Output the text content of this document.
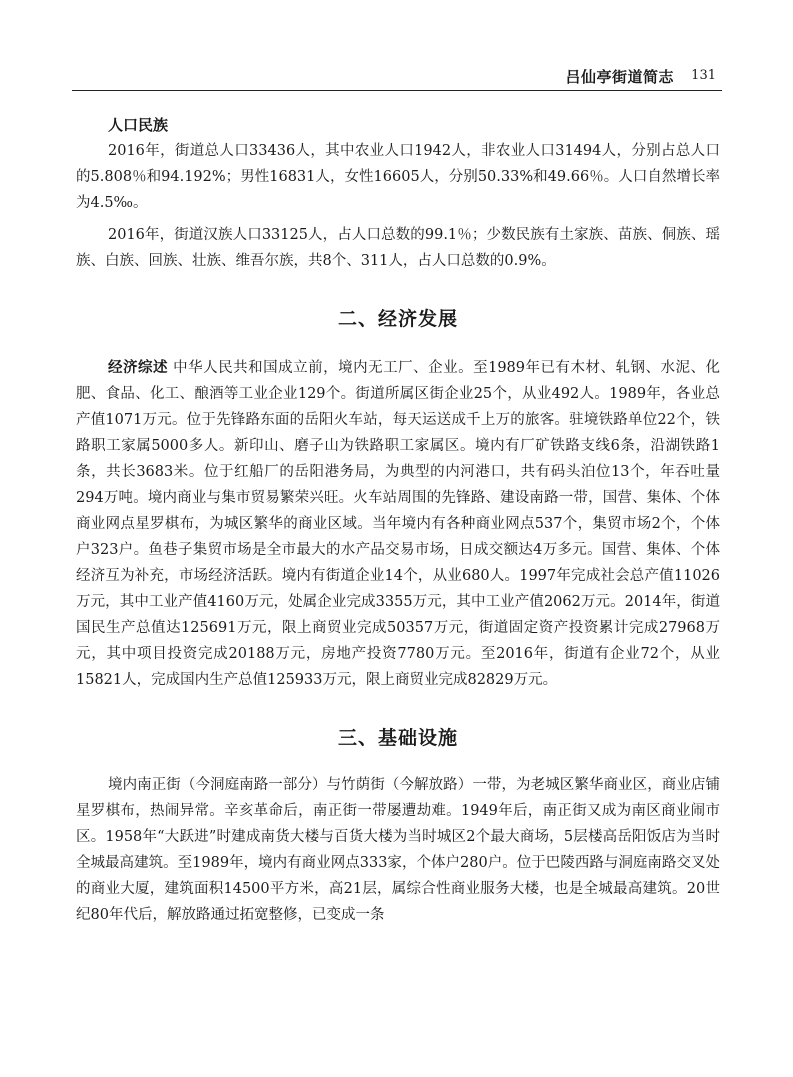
吕仙亭街道简志 131

人口民族

2016年，街道总人口33436人，其中农业人口1942人，非农业人口31494人，分别占总人口的5.808％和94.192%；男性16831人，女性16605人，分别50.33%和49.66％。人口自然增长率为4.5‰。

2016年，街道汉族人口33125人，占人口总数的99.1％；少数民族有土家族、苗族、侗族、瑶族、白族、回族、壮族、维吾尔族，共8个、311人，占人口总数的0.9%。

二、经济发展

经济综述 中华人民共和国成立前，境内无工厂、企业。至1989年已有木材、轧钢、水泥、化肥、食品、化工、酿酒等工业企业129个。街道所属区街企业25个，从业492人。1989年，各业总产值1071万元。位于先锋路东面的岳阳火车站，每天运送成千上万的旅客。驻境铁路单位22个，铁路职工家属5000多人。新印山、磨子山为铁路职工家属区。境内有厂矿铁路支线6条，沿湖铁路1条，共长3683米。位于红船厂的岳阳港务局，为典型的内河港口，共有码头泊位13个，年吞吐量294万吨。境内商业与集市贸易繁荣兴旺。火车站周围的先锋路、建设南路一带，国营、集体、个体商业网点星罗棋布，为城区繁华的商业区域。当年境内有各种商业网点537个，集贸市场2个，个体户323户。鱼巷子集贸市场是全市最大的水产品交易市场，日成交额达4万多元。国营、集体、个体经济互为补充，市场经济活跃。境内有街道企业14个，从业680人。1997年完成社会总产值11026万元，其中工业产值4160万元，处属企业完成3355万元，其中工业产值2062万元。2014年，街道国民生产总值达125691万元，限上商贸业完成50357万元，街道固定资产投资累计完成27968万元，其中项目投资完成20188万元，房地产投资7780万元。至2016年，街道有企业72个，从业15821人，完成国内生产总值125933万元，限上商贸业完成82829万元。

三、基础设施

境内南正街（今洞庭南路一部分）与竹荫街（今解放路）一带，为老城区繁华商业区，商业店铺星罗棋布，热闹异常。辛亥革命后，南正街一带屡遭劫难。1949年后，南正街又成为南区商业闹市区。1958年“大跃进”时建成南货大楼与百货大楼为当时城区2个最大商场，5层楼高岳阳饭店为当时全城最高建筑。至1989年，境内有商业网点333家，个体户280户。位于巴陵西路与洞庭南路交叉处的商业大厦，建筑面积14500平方米，高21层，属综合性商业服务大楼，也是全城最高建筑。20世纪80年代后，解放路通过拓宽整修，已变成一条
